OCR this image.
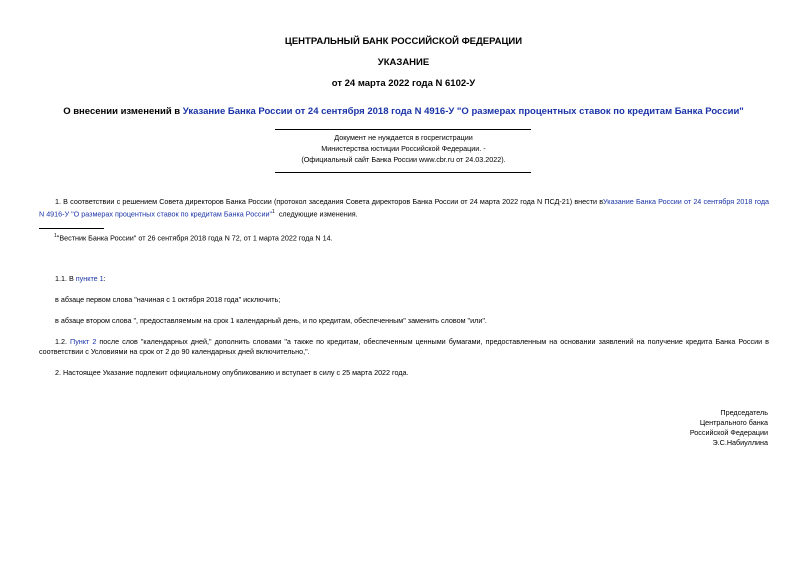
ЦЕНТРАЛЬНЫЙ БАНК РОССИЙСКОЙ ФЕДЕРАЦИИ
УКАЗАНИЕ
от 24 марта 2022 года N 6102-У
О внесении изменений в Указание Банка России от 24 сентября 2018 года N 4916-У "О размерах процентных ставок по кредитам Банка России"
Документ не нуждается в госрегистрации
Министерства юстиции Российской Федерации. -
(Официальный сайт Банка России www.cbr.ru от 24.03.2022).
1. В соответствии с решением Совета директоров Банка России (протокол заседания Совета директоров Банка России от 24 марта 2022 года N ПСД-21) внести вУказание Банка России от 24 сентября 2018 года N 4916-У "О размерах процентных ставок по кредитам Банка России"$^1$ следующие изменения.
$^1$"Вестник Банка России" от 26 сентября 2018 года N 72, от 1 марта 2022 года N 14.
1.1. В пункте 1:
в абзаце первом слова "начиная с 1 октября 2018 года" исключить;
в абзаце втором слова ", предоставляемым на срок 1 календарный день, и по кредитам, обеспеченным" заменить словом "или".
1.2. Пункт 2 после слов "календарных дней," дополнить словами "а также по кредитам, обеспеченным ценными бумагами, предоставленным на основании заявлений на получение кредита Банка России в соответствии с Условиями на срок от 2 до 90 календарных дней включительно,".
2. Настоящее Указание подлежит официальному опубликованию и вступает в силу с 25 марта 2022 года.
Председатель
Центрального банка
Российской Федерации
Э.С.Набиуллина
